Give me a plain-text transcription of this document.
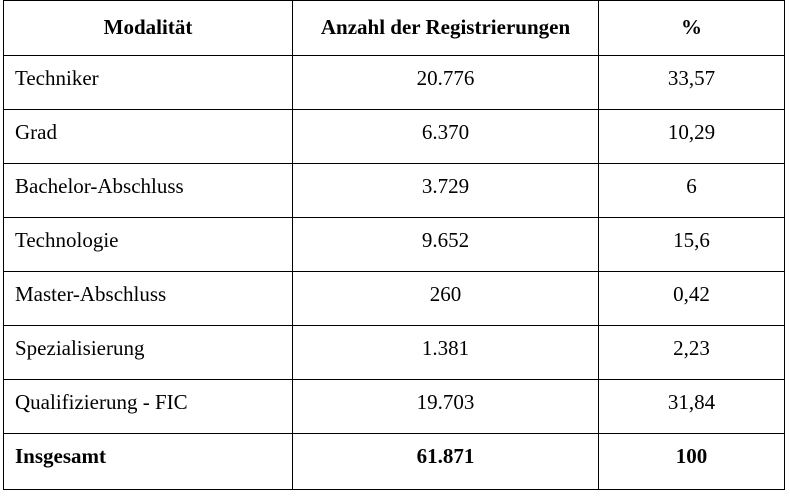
Modalität	Anzahl der Registrierungen	%
Techniker	20.776	33,57
Grad	6.370	10,29
Bachelor-Abschluss	3.729	6
Technologie	9.652	15,6
Master-Abschluss	260	0,42
Spezialisierung	1.381	2,23
Qualifizierung - FIC	19.703	31,84
Insgesamt	61.871	100
